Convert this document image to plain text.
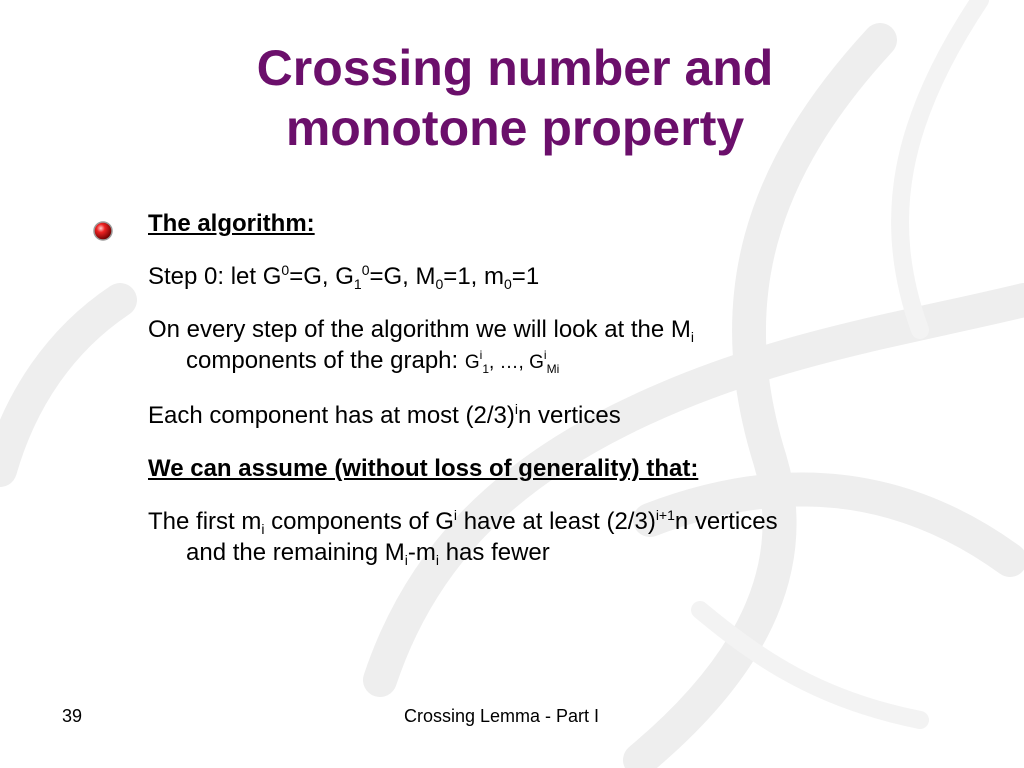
Crossing number and
monotone property

The algorithm:

Step 0: let $G^0=G$, $G_1^0=G$, $M_0=1$, $m_0=1$

On every step of the algorithm we will look at the $M_i$
components of the graph: $G^i_1$, …, $G^i_{Mi}$

Each component has at most $(2/3)^in$ vertices

We can assume (without loss of generality) that:

The first $m_i$ components of $G^i$ have at least $(2/3)^{i+1}n$ vertices
and the remaining $M_i-m_i$ has fewer

39	Crossing Lemma - Part I
